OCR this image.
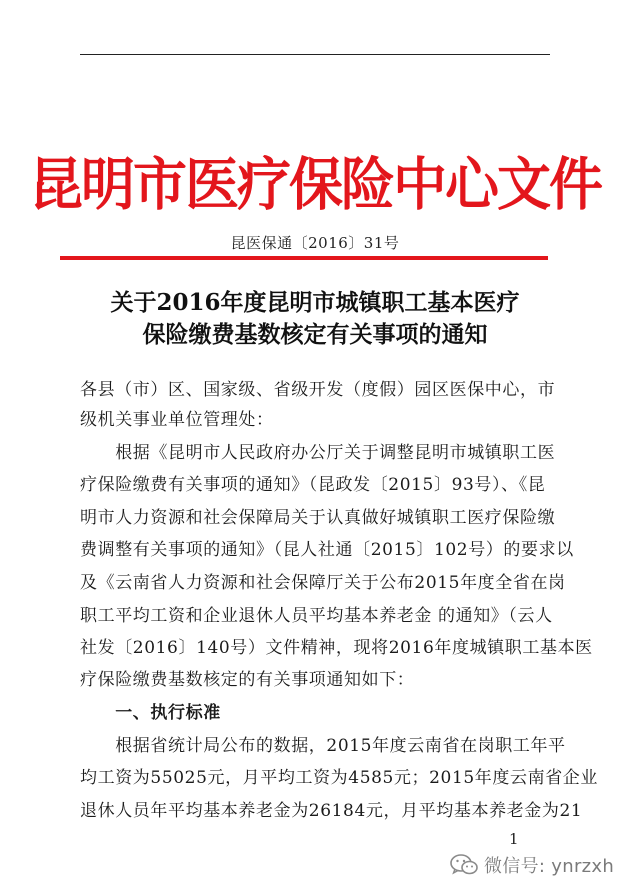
昆明市医疗保险中心文件
昆医保通〔2016〕31号
关于2016年度昆明市城镇职工基本医疗
保险缴费基数核定有关事项的通知
各县（市）区、国家级、省级开发（度假）园区医保中心，市
级机关事业单位管理处：
　　根据《昆明市人民政府办公厅关于调整昆明市城镇职工医
疗保险缴费有关事项的通知》（昆政发〔2015〕93号）、《昆
明市人力资源和社会保障局关于认真做好城镇职工医疗保险缴
费调整有关事项的通知》（昆人社通〔2015〕102号）的要求以
及《云南省人力资源和社会保障厅关于公布2015年度全省在岗
职工平均工资和企业退休人员平均基本养老金 的通知》（云人
社发〔2016〕140号）文件精神，现将2016年度城镇职工基本医
疗保险缴费基数核定的有关事项通知如下：
　　一、执行标准
　　根据省统计局公布的数据，2015年度云南省在岗职工年平
均工资为55025元，月平均工资为4585元；2015年度云南省企业
退休人员年平均基本养老金为26184元，月平均基本养老金为21
1
微信号: ynrzxh
